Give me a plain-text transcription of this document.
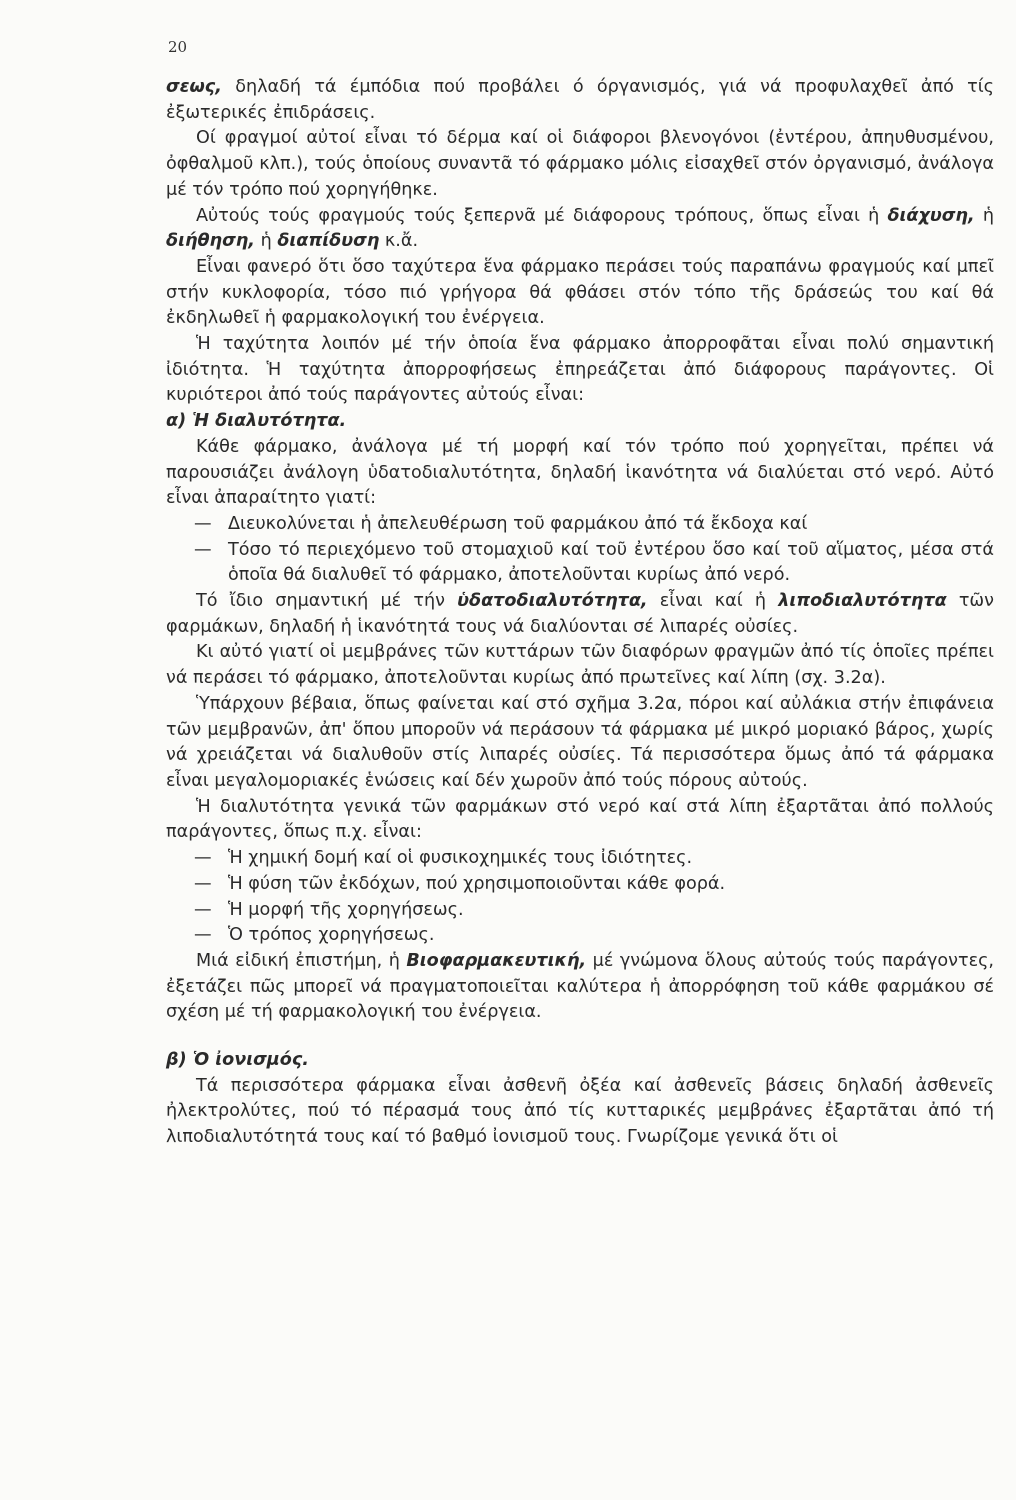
20

σεως, δηλαδή τά έμπόδια πού προβάλει ό όργανισμός, γιά νά προφυλαχθεῖ ἀπό τίς ἐξωτερικές ἐπιδράσεις.

Οί φραγμοί αὐτοί εἶναι τό δέρμα καί οἱ διάφοροι βλενογόνοι (ἐντέρου, ἀπηυθυσμένου, ὀφθαλμοῦ κλπ.), τούς ὁποίους συναντᾶ τό φάρμακο μόλις εἰσαχθεῖ στόν ὀργανισμό, ἀνάλογα μέ τόν τρόπο πού χορηγήθηκε.

Αὐτούς τούς φραγμούς τούς ξεπερνᾶ μέ διάφορους τρόπους, ὅπως εἶναι ἡ διάχυση, ἡ διήθηση, ἡ διαπίδυση κ.ἄ.

Εἶναι φανερό ὅτι ὅσο ταχύτερα ἕνα φάρμακο περάσει τούς παραπάνω φραγμούς καί μπεῖ στήν κυκλοφορία, τόσο πιό γρήγορα θά φθάσει στόν τόπο τῆς δράσεώς του καί θά ἐκδηλωθεῖ ἡ φαρμακολογική του ἐνέργεια.

Ἡ ταχύτητα λοιπόν μέ τήν ὁποία ἕνα φάρμακο ἀπορροφᾶται εἶναι πολύ σημαντική ἰδιότητα. Ἡ ταχύτητα ἀπορροφήσεως ἐπηρεάζεται ἀπό διάφορους παράγοντες. Οἱ κυριότεροι ἀπό τούς παράγοντες αὐτούς εἶναι:

α) Ἡ διαλυτότητα.

Κάθε φάρμακο, ἀνάλογα μέ τή μορφή καί τόν τρόπο πού χορηγεῖται, πρέπει νά παρουσιάζει ἀνάλογη ὑδατοδιαλυτότητα, δηλαδή ἱκανότητα νά διαλύεται στό νερό. Αὐτό εἶναι ἀπαραίτητο γιατί:

— Διευκολύνεται ἡ ἀπελευθέρωση τοῦ φαρμάκου ἀπό τά ἔκδοχα καί
— Τόσο τό περιεχόμενο τοῦ στομαχιοῦ καί τοῦ ἐντέρου ὅσο καί τοῦ αἵματος, μέσα στά ὁποῖα θά διαλυθεῖ τό φάρμακο, ἀποτελοῦνται κυρίως ἀπό νερό.

Τό ἴδιο σημαντική μέ τήν ὑδατοδιαλυτότητα, εἶναι καί ἡ λιποδιαλυτότητα τῶν φαρμάκων, δηλαδή ἡ ἱκανότητά τους νά διαλύονται σέ λιπαρές οὐσίες.

Κι αὐτό γιατί οἱ μεμβράνες τῶν κυττάρων τῶν διαφόρων φραγμῶν ἀπό τίς ὁποῖες πρέπει νά περάσει τό φάρμακο, ἀποτελοῦνται κυρίως ἀπό πρωτεῖνες καί λίπη (σχ. 3.2α).

Ὑπάρχουν βέβαια, ὅπως φαίνεται καί στό σχῆμα 3.2α, πόροι καί αὐλάκια στήν ἐπιφάνεια τῶν μεμβρανῶν, ἀπ' ὅπου μποροῦν νά περάσουν τά φάρμακα μέ μικρό μοριακό βάρος, χωρίς νά χρειάζεται νά διαλυθοῦν στίς λιπαρές οὐσίες. Τά περισσότερα ὅμως ἀπό τά φάρμακα εἶναι μεγαλομοριακές ἑνώσεις καί δέν χωροῦν ἀπό τούς πόρους αὐτούς.

Ἡ διαλυτότητα γενικά τῶν φαρμάκων στό νερό καί στά λίπη ἐξαρτᾶται ἀπό πολλούς παράγοντες, ὅπως π.χ. εἶναι:

— Ἡ χημική δομή καί οἱ φυσικοχημικές τους ἰδιότητες.
— Ἡ φύση τῶν ἐκδόχων, πού χρησιμοποιοῦνται κάθε φορά.
— Ἡ μορφή τῆς χορηγήσεως.
— Ὁ τρόπος χορηγήσεως.

Μιά εἰδική ἐπιστήμη, ἡ Βιοφαρμακευτική, μέ γνώμονα ὅλους αὐτούς τούς παράγοντες, ἐξετάζει πῶς μπορεῖ νά πραγματοποιεῖται καλύτερα ἡ ἀπορρόφηση τοῦ κάθε φαρμάκου σέ σχέση μέ τή φαρμακολογική του ἐνέργεια.

β) Ὁ ἰονισμός.

Τά περισσότερα φάρμακα εἶναι ἀσθενῆ ὀξέα καί ἀσθενεῖς βάσεις δηλαδή ἀσθενεῖς ἠλεκτρολύτες, πού τό πέρασμά τους ἀπό τίς κυτταρικές μεμβράνες ἐξαρτᾶται ἀπό τή λιποδιαλυτότητά τους καί τό βαθμό ἰονισμοῦ τους. Γνωρίζομε γενικά ὅτι οἱ
